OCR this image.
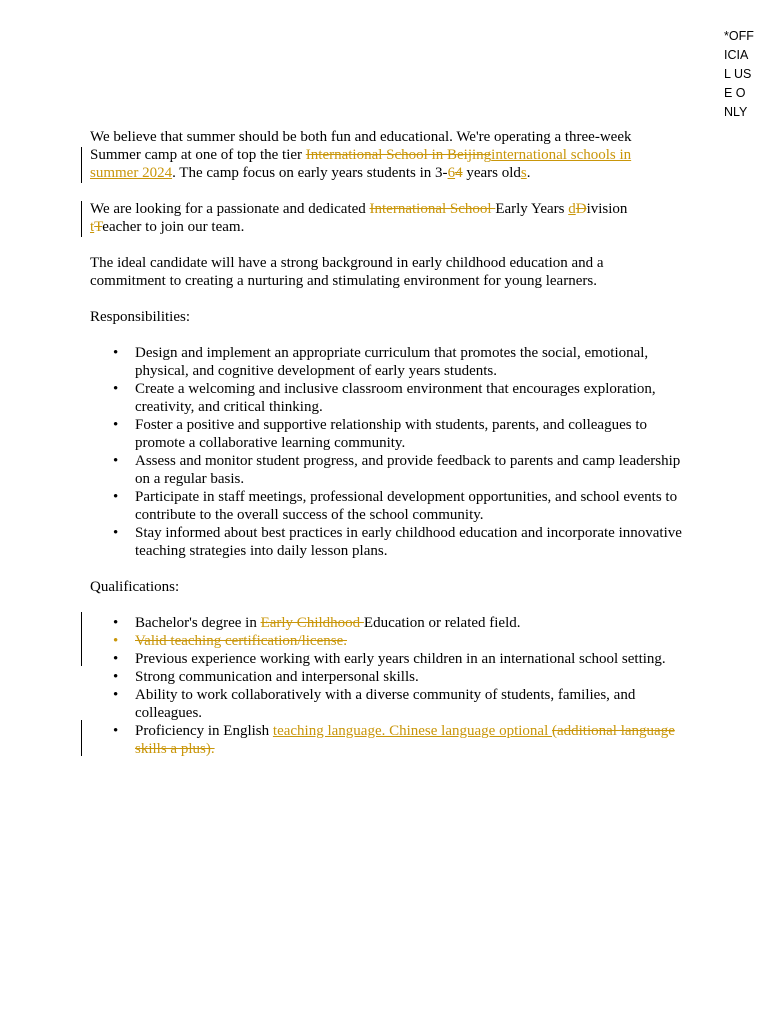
*OFFICIAL USE ONLY

We believe that summer should be both fun and educational. We're operating a three-week Summer camp at one of top the tier International School in Beijinginternational schools in summer 2024. The camp focus on early years students in 3-64 years olds.

We are looking for a passionate and dedicated International School Early Years dDivision tTeacher to join our team.

The ideal candidate will have a strong background in early childhood education and a commitment to creating a nurturing and stimulating environment for young learners.

Responsibilities:

• Design and implement an appropriate curriculum that promotes the social, emotional, physical, and cognitive development of early years students.
• Create a welcoming and inclusive classroom environment that encourages exploration, creativity, and critical thinking.
• Foster a positive and supportive relationship with students, parents, and colleagues to promote a collaborative learning community.
• Assess and monitor student progress, and provide feedback to parents and camp leadership on a regular basis.
• Participate in staff meetings, professional development opportunities, and school events to contribute to the overall success of the school community.
• Stay informed about best practices in early childhood education and incorporate innovative teaching strategies into daily lesson plans.

Qualifications:

• Bachelor's degree in Early Childhood Education or related field.
• Valid teaching certification/license.
• Previous experience working with early years children in an international school setting.
• Strong communication and interpersonal skills.
• Ability to work collaboratively with a diverse community of students, families, and colleagues.
• Proficiency in English teaching language. Chinese language optional (additional language skills a plus).
